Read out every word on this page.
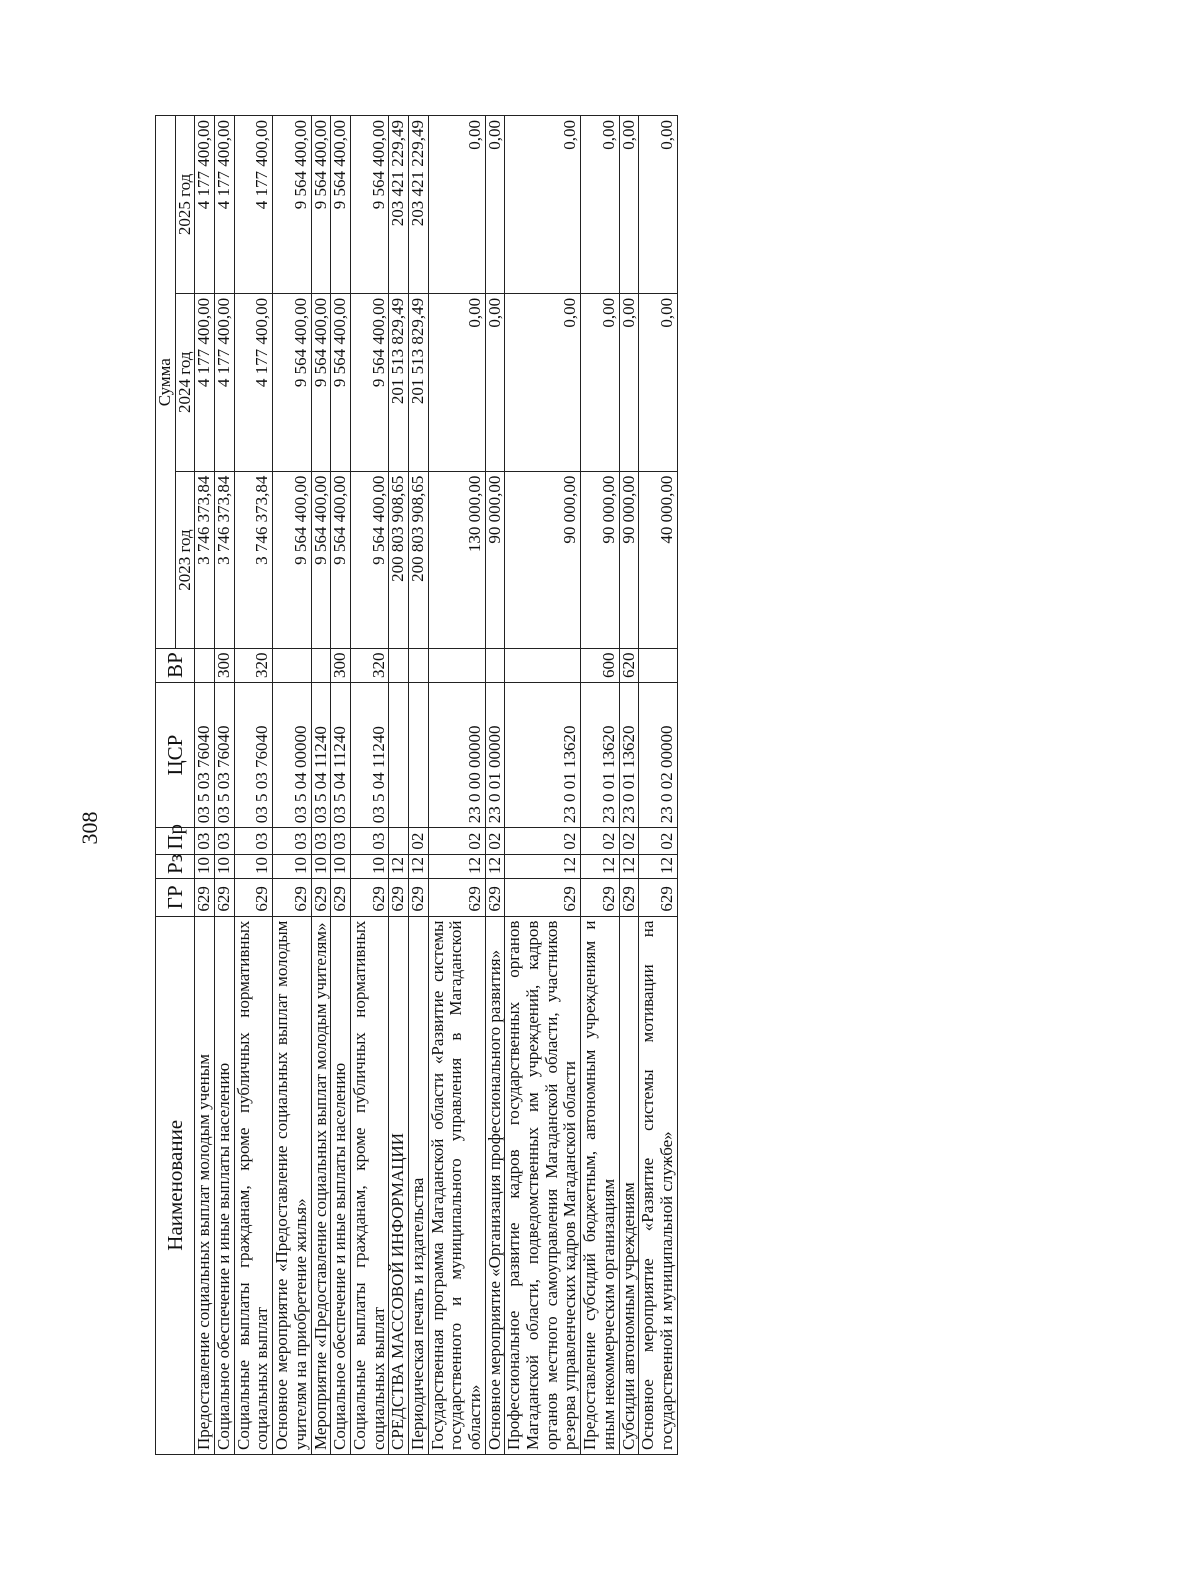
308
Наименование	ГР	Рз	Пр	ЦСР	ВР	Сумма		
						2023 год	2024 год	2025 год
Предоставление социальных выплат молодым ученым	629	10	03	03 5 03 76040		3 746 373,84	4 177 400,00	4 177 400,00
Социальное обеспечение и иные выплаты населению	629	10	03	03 5 03 76040	300	3 746 373,84	4 177 400,00	4 177 400,00
Социальные выплаты гражданам, кроме публичных нормативных социальных выплат	629	10	03	03 5 03 76040	320	3 746 373,84	4 177 400,00	4 177 400,00
Основное мероприятие «Предоставление социальных выплат молодым учителям на приобретение жилья»	629	10	03	03 5 04 00000		9 564 400,00	9 564 400,00	9 564 400,00
Мероприятие «Предоставление социальных выплат молодым учителям»	629	10	03	03 5 04 11240		9 564 400,00	9 564 400,00	9 564 400,00
Социальное обеспечение и иные выплаты населению	629	10	03	03 5 04 11240	300	9 564 400,00	9 564 400,00	9 564 400,00
Социальные выплаты гражданам, кроме публичных нормативных социальных выплат	629	10	03	03 5 04 11240	320	9 564 400,00	9 564 400,00	9 564 400,00
СРЕДСТВА МАССОВОЙ ИНФОРМАЦИИ	629	12				200 803 908,65	201 513 829,49	203 421 229,49
Периодическая печать и издательства	629	12	02			200 803 908,65	201 513 829,49	203 421 229,49
Государственная программа Магаданской области «Развитие системы государственного и муниципального управления в Магаданской области»	629	12	02	23 0 00 00000		130 000,00	0,00	0,00
Основное мероприятие «Организация профессионального развития»	629	12	02	23 0 01 00000		90 000,00	0,00	0,00
Профессиональное развитие кадров государственных органов Магаданской области, подведомственных им учреждений, кадров органов местного самоуправления Магаданской области, участников резерва управленческих кадров Магаданской области	629	12	02	23 0 01 13620		90 000,00	0,00	0,00
Предоставление субсидий бюджетным, автономным учреждениям и иным некоммерческим организациям	629	12	02	23 0 01 13620	600	90 000,00	0,00	0,00
Субсидии автономным учреждениям	629	12	02	23 0 01 13620	620	90 000,00	0,00	0,00
Основное мероприятие «Развитие системы мотивации на государственной и муниципальной службе»	629	12	02	23 0 02 00000		40 000,00	0,00	0,00
